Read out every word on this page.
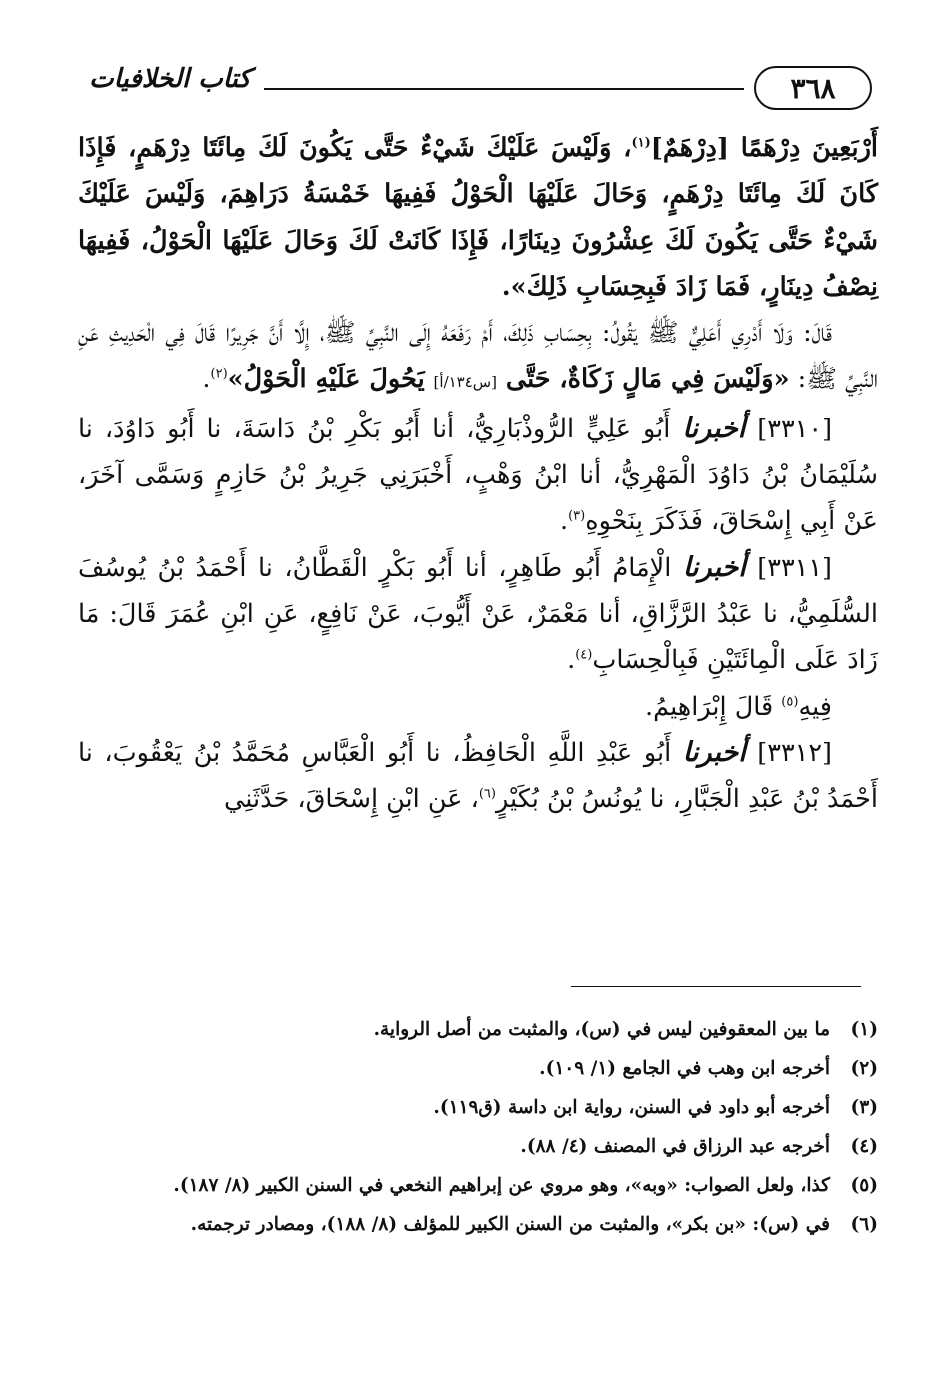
٣٦٨
كتاب الخلافيات

أَرْبَعِينَ دِرْهَمًا [دِرْهَمٌ]$^{(١)}$، وَلَيْسَ عَلَيْكَ شَيْءٌ حَتَّى يَكُونَ لَكَ مِائَتَا دِرْهَمٍ، فَإِذَا كَانَ لَكَ مِائَتَا دِرْهَمٍ، وَحَالَ عَلَيْهَا الْحَوْلُ فَفِيهَا خَمْسَةُ دَرَاهِمَ، وَلَيْسَ عَلَيْكَ شَيْءٌ حَتَّى يَكُونَ لَكَ عِشْرُونَ دِينَارًا، فَإِذَا كَانَتْ لَكَ وَحَالَ عَلَيْهَا الْحَوْلُ، فَفِيهَا نِصْفُ دِينَارٍ، فَمَا زَادَ فَبِحِسَابِ ذَلِكَ».

قَالَ: وَلَا أَدْرِي أَعَلِيٌّ ﷺ يَقُولُ: بِحِسَابِ ذَلِكَ، أَمْ رَفَعَهُ إِلَى النَّبِيِّ ﷺ، إِلَّا أَنَّ جَرِيرًا قَالَ فِي الْحَدِيثِ عَنِ النَّبِيِّ ﷺ: «وَلَيْسَ فِي مَالٍ زَكَاةٌ، حَتَّى [س١٣٤/أ] يَحُولَ عَلَيْهِ الْحَوْلُ»$^{(٢)}$.

[٣٣١٠] أخبرنا أَبُو عَلِيٍّ الرُّوذْبَارِيُّ، أنا أَبُو بَكْرِ بْنُ دَاسَةَ، نا أَبُو دَاوُدَ، نا سُلَيْمَانُ بْنُ دَاوُدَ الْمَهْرِيُّ، أنا ابْنُ وَهْبٍ، أَخْبَرَنِي جَرِيرُ بْنُ حَازِمٍ وَسَمَّى آخَرَ، عَنْ أَبِي إِسْحَاقَ، فَذَكَرَ بِنَحْوِهِ$^{(٣)}$.

[٣٣١١] أخبرنا الْإِمَامُ أَبُو طَاهِرٍ، أنا أَبُو بَكْرٍ الْقَطَّانُ، نا أَحْمَدُ بْنُ يُوسُفَ السُّلَمِيُّ، نا عَبْدُ الرَّزَّاقِ، أنا مَعْمَرٌ، عَنْ أَيُّوبَ، عَنْ نَافِعٍ، عَنِ ابْنِ عُمَرَ قَالَ: مَا زَادَ عَلَى الْمِائَتَيْنِ فَبِالْحِسَابِ$^{(٤)}$.

فِيهِ$^{(٥)}$ قَالَ إِبْرَاهِيمُ.

[٣٣١٢] أخبرنا أَبُو عَبْدِ اللَّهِ الْحَافِظُ، نا أَبُو الْعَبَّاسِ مُحَمَّدُ بْنُ يَعْقُوبَ، نا أَحْمَدُ بْنُ عَبْدِ الْجَبَّارِ، نا يُونُسُ بْنُ بُكَيْرٍ$^{(٦)}$، عَنِ ابْنِ إِسْحَاقَ، حَدَّثَنِي

(١)
ما بين المعقوفين ليس في (س)، والمثبت من أصل الرواية.
(٢)
أخرجه ابن وهب في الجامع (١/ ١٠٩).
(٣)
أخرجه أبو داود في السنن، رواية ابن داسة (ق١١٩).
(٤)
أخرجه عبد الرزاق في المصنف (٤/ ٨٨).
(٥)
كذا، ولعل الصواب: «وبه»، وهو مروي عن إبراهيم النخعي في السنن الكبير (٨/ ١٨٧).
(٦)
في (س): «بن بكر»، والمثبت من السنن الكبير للمؤلف (٨/ ١٨٨)، ومصادر ترجمته.
